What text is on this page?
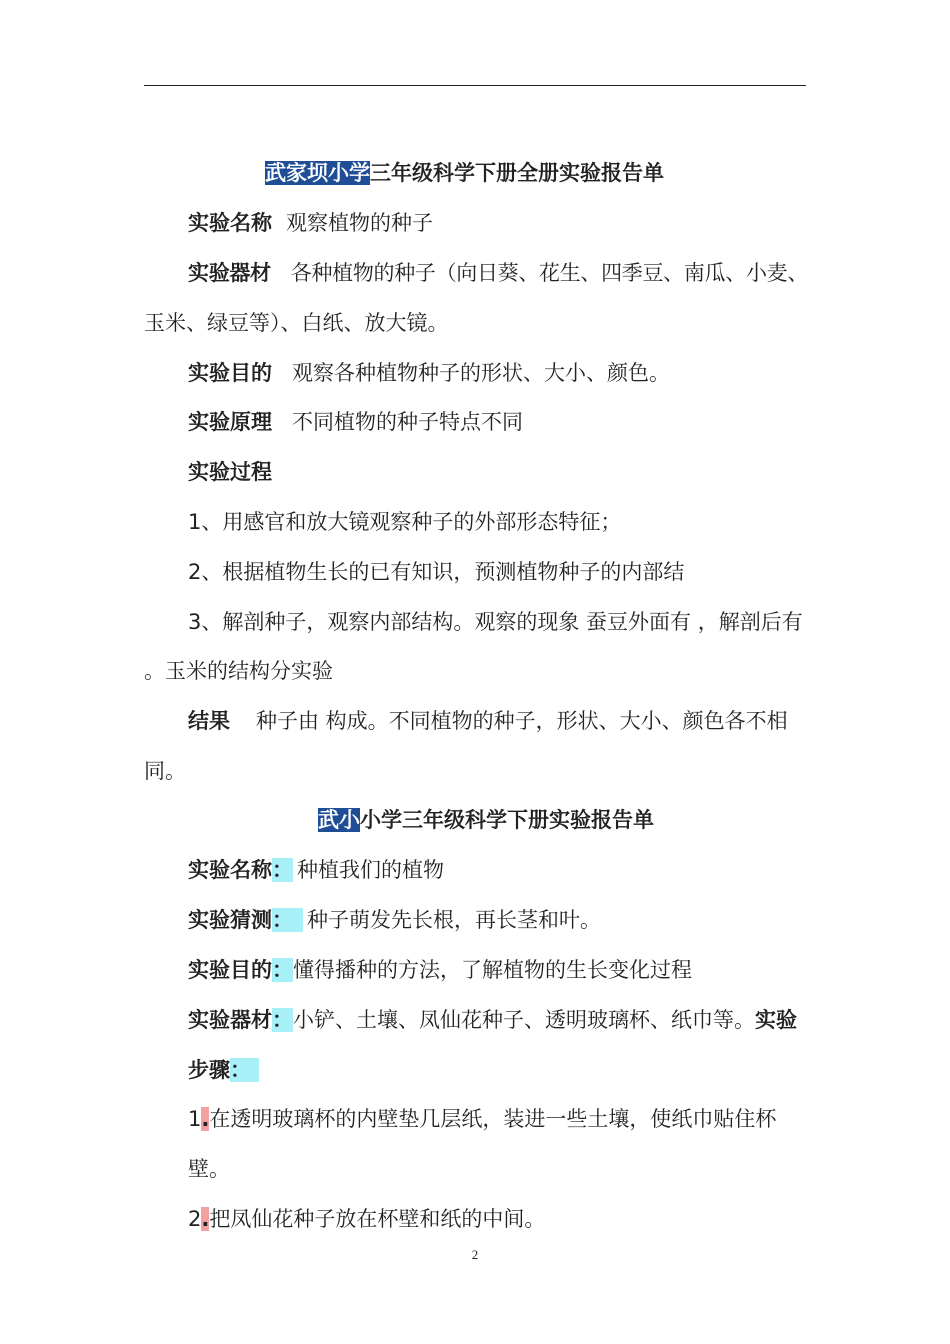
武家坝小学三年级科学下册全册实验报告单
实验名称 观察植物的种子
实验器材 各种植物的种子（向日葵、花生、四季豆、南瓜、小麦、
玉米、绿豆等）、白纸、放大镜。
实验目的 观察各种植物种子的形状、大小、颜色。
实验原理 不同植物的种子特点不同
实验过程
1、用感官和放大镜观察种子的外部形态特征；
2、根据植物生长的已有知识，预测植物种子的内部结
3、解剖种子，观察内部结构。观察的现象 蚕豆外面有 ，解剖后有
。玉米的结构分实验
结果 种子由 构成。不同植物的种子，形状、大小、颜色各不相
同。
武小小学三年级科学下册实验报告单
实验名称： 种植我们的植物
实验猜测： 种子萌发先长根，再长茎和叶。
实验目的：懂得播种的方法，了解植物的生长变化过程
实验器材：小铲、土壤、凤仙花种子、透明玻璃杯、纸巾等。实验
步骤：
1.在透明玻璃杯的内壁垫几层纸，装进一些土壤，使纸巾贴住杯
壁。
2.把凤仙花种子放在杯壁和纸的中间。
2
